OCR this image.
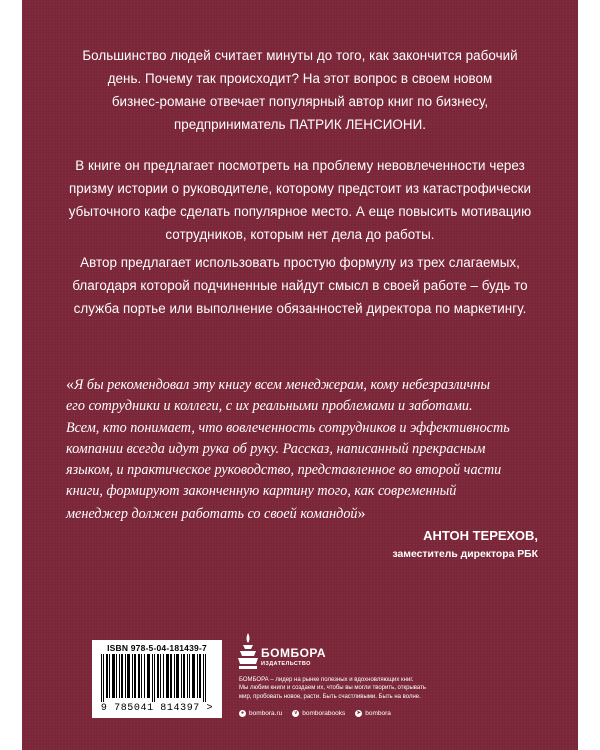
Большинство людей считает минуты до того, как закончится рабочий
день. Почему так происходит? На этот вопрос в своем новом
бизнес-романе отвечает популярный автор книг по бизнесу,
предприниматель ПАТРИК ЛЕНСИОНИ.

В книге он предлагает посмотреть на проблему невовлеченности через
призму истории о руководителе, которому предстоит из катастрофически
убыточного кафе сделать популярное место. А еще повысить мотивацию
сотрудников, которым нет дела до работы.

Автор предлагает использовать простую формулу из трех слагаемых,
благодаря которой подчиненные найдут смысл в своей работе – будь то
служба портье или выполнение обязанностей директора по маркетингу.

«Я бы рекомендовал эту книгу всем менеджерам, кому небезразличны
его сотрудники и коллеги, с их реальными проблемами и заботами.
Всем, кто понимает, что вовлеченность сотрудников и эффективность
компании всегда идут рука об руку. Рассказ, написанный прекрасным
языком, и практическое руководство, представленное во второй части
книги, формируют законченную картину того, как современный
менеджер должен работать со своей командой»

АНТОН ТЕРЕХОВ,

заместитель директора РБК

ISBN 978-5-04-181439-7

9 785041 814397 >

БОМБОРА

ИЗДАТЕЛЬСТВО

БОМБОРА – лидер на рынке полезных и вдохновляющих книг.
Мы любим книги и создаем их, чтобы вы могли творить, открывать
мир, пробовать новое, расти. Быть счастливыми. Быть на волне.

● bombora.ru	v bomborabooks ➤ bombora
